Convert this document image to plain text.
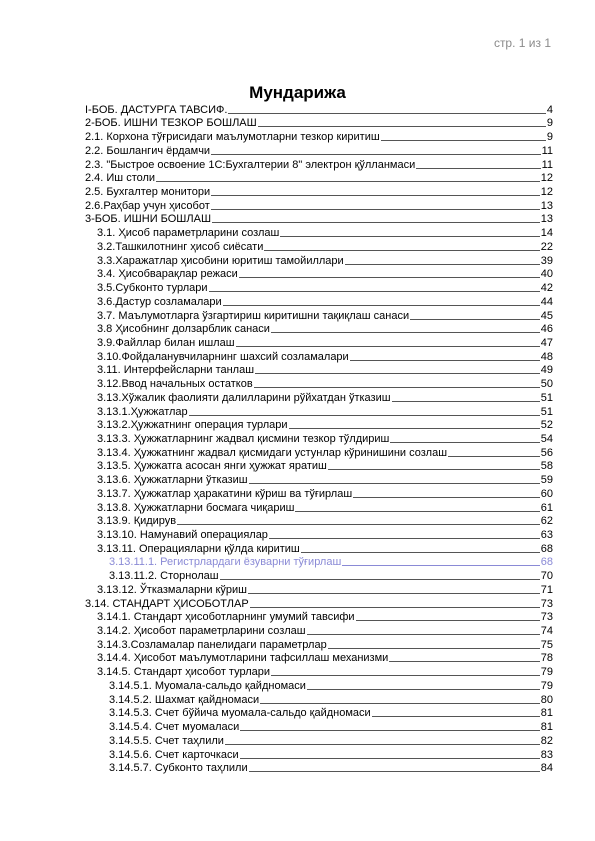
стр. 1 из 1
Мундарижа
I-БОБ. ДАСТУРГА ТАВСИФ.	4
2-БОБ. ИШНИ ТЕЗКОР БОШЛАШ	9
2.1. Корхона тўғрисидаги маълумотларни тезкор киритиш	9
2.2. Бошлангич ёрдамчи	11
2.3. "Быстрое освоение 1С:Бухгалтерии 8" электрон қўлланмаси	11
2.4. Иш столи	12
2.5. Бухгалтер монитори	12
2.6.Раҳбар учун ҳисобот	13
3-БОБ. ИШНИ БОШЛАШ	13
3.1. Ҳисоб параметрларини созлаш	14
3.2.Ташкилотнинг ҳисоб сиёсати	22
3.3.Харажатлар ҳисобини юритиш тамойиллари	39
3.4. Ҳисобварақлар режаси	40
3.5.Субконто турлари	42
3.6.Дастур созламалари	44
3.7. Маълумотларга ўзгартириш киритишни тақиқлаш санаси	45
3.8 Ҳисобнинг долзарблик санаси	46
3.9.Файллар билан ишлаш	47
3.10.Фойдаланувчиларнинг шахсий созламалари	48
3.11. Интерфейсларни танлаш	49
3.12.Ввод начальных остатков	50
3.13.Хўжалик фаолияти далилларини рўйхатдан ўтказиш	51
3.13.1.Ҳужжатлар	51
3.13.2.Ҳужжатнинг операция турлари	52
3.13.3. Ҳужжатларнинг жадвал қисмини тезкор тўлдириш	54
3.13.4. Ҳужжатнинг жадвал қисмидаги устунлар кўринишини созлаш	56
3.13.5. Ҳужжатга асосан янги ҳужжат яратиш	58
3.13.6. Ҳужжатларни ўтказиш	59
3.13.7. Ҳужжатлар ҳаракатини кўриш ва тўғирлаш	60
3.13.8. Ҳужжатларни босмага чиқариш	61
3.13.9. Қидирув	62
3.13.10. Намунавий операциялар	63
3.13.11. Операцияларни қўлда киритиш	68
3.13.11.1. Регистрлардаги ёзуварни тўғирлаш	68
3.13.11.2. Сторнолаш	70
3.13.12. Ўтказмаларни кўриш	71
3.14. СТАНДАРТ ҲИСОБОТЛАР	73
3.14.1. Стандарт ҳисоботларнинг умумий тавсифи	73
3.14.2. Ҳисобот параметрларини созлаш	74
3.14.3.Созламалар панелидаги параметрлар	75
3.14.4. Ҳисобот маълумотларини тафсиллаш механизми	78
3.14.5. Стандарт ҳисобот турлари	79
3.14.5.1. Муомала-сальдо қайдномаси	79
3.14.5.2. Шахмат қайдномаси	80
3.14.5.3. Счет бўйича муомала-сальдо қайдномаси	81
3.14.5.4. Счет муомаласи	81
3.14.5.5. Счет таҳлили	82
3.14.5.6. Счет карточкаси	83
3.14.5.7. Субконто таҳлили	84
